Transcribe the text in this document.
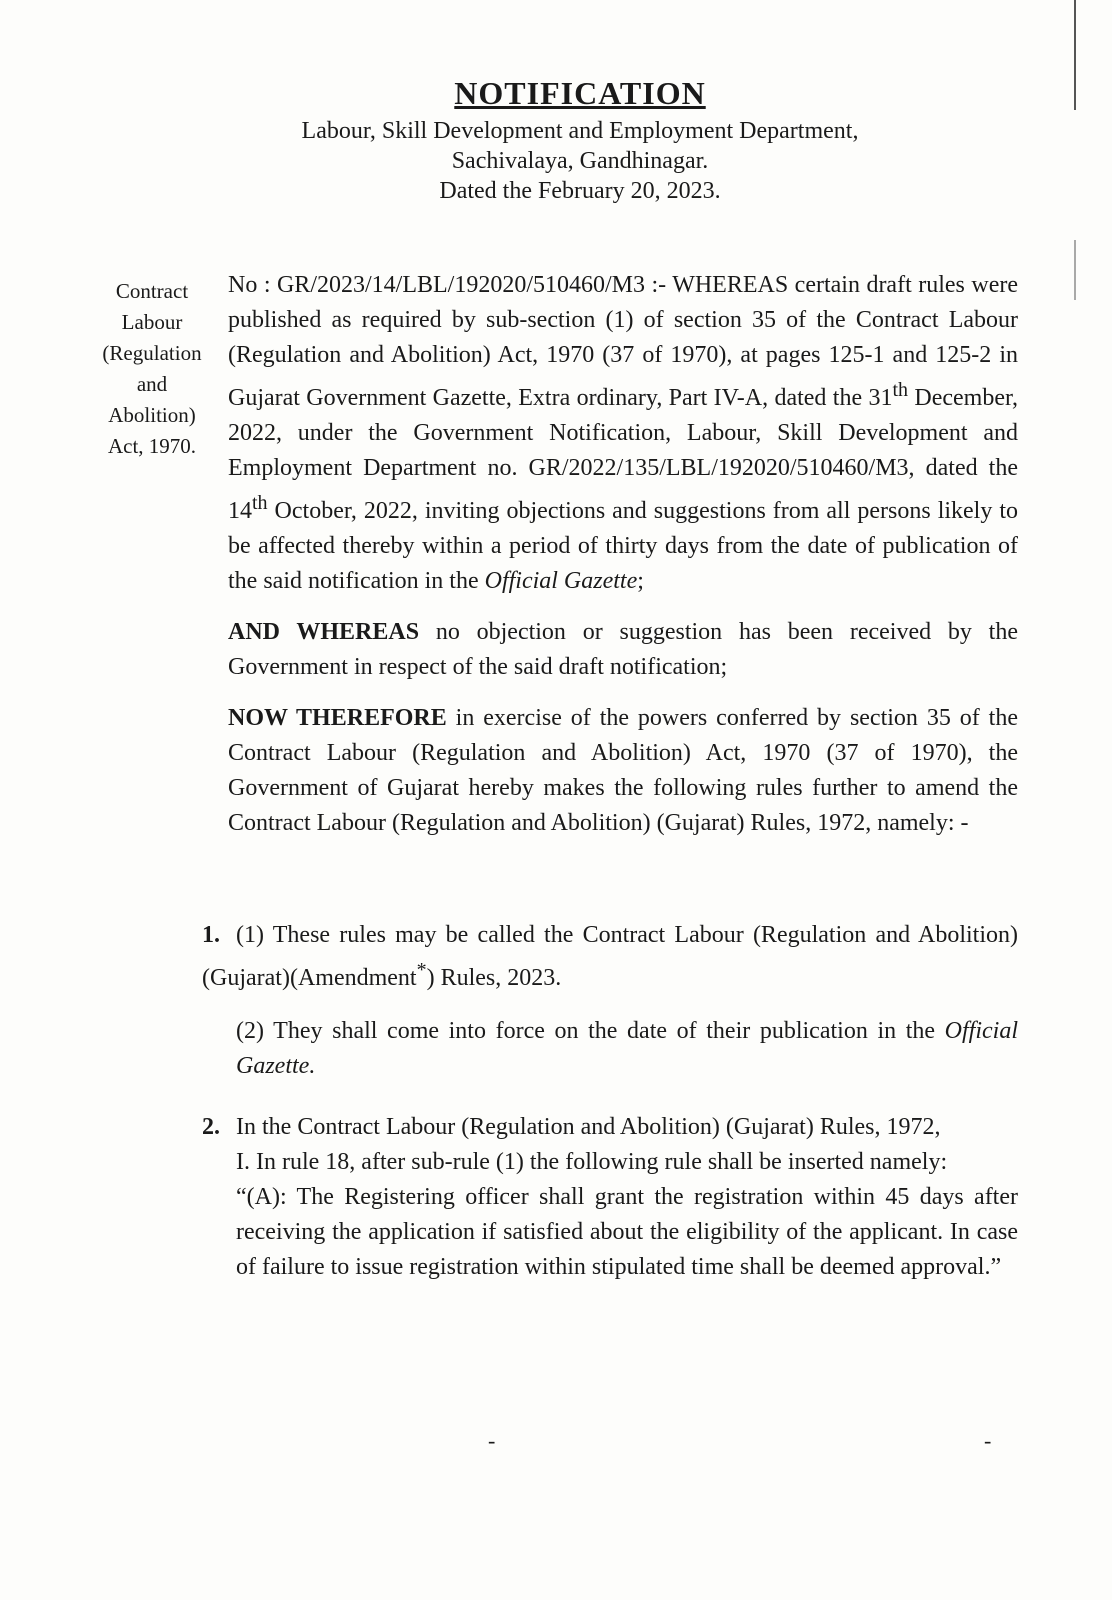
NOTIFICATION
Labour, Skill Development and Employment Department,
Sachivalaya, Gandhinagar.
Dated the February 20, 2023.
Contract
Labour
(Regulation
and
Abolition)
Act, 1970.

No : GR/2023/14/LBL/192020/510460/M3 :- WHEREAS certain draft rules were published as required by sub-section (1) of section 35 of the Contract Labour (Regulation and Abolition) Act, 1970 (37 of 1970), at pages 125-1 and 125-2 in Gujarat Government Gazette, Extra ordinary, Part IV-A, dated the 31th December, 2022, under the Government Notification, Labour, Skill Development and Employment Department no. GR/2022/135/LBL/192020/510460/M3, dated the 14th October, 2022, inviting objections and suggestions from all persons likely to be affected thereby within a period of thirty days from the date of publication of the said notification in the Official Gazette;

AND WHEREAS no objection or suggestion has been received by the Government in respect of the said draft notification;

NOW THEREFORE in exercise of the powers conferred by section 35 of the Contract Labour (Regulation and Abolition) Act, 1970 (37 of 1970), the Government of Gujarat hereby makes the following rules further to amend the Contract Labour (Regulation and Abolition) (Gujarat) Rules, 1972, namely: -

1. (1) These rules may be called the Contract Labour (Regulation and Abolition) (Gujarat)(Amendment*) Rules, 2023.

(2) They shall come into force on the date of their publication in the Official Gazette.

2. In the Contract Labour (Regulation and Abolition) (Gujarat) Rules, 1972,

I. In rule 18, after sub-rule (1) the following rule shall be inserted namely:

“(A): The Registering officer shall grant the registration within 45 days after receiving the application if satisfied about the eligibility of the applicant. In case of failure to issue registration within stipulated time shall be deemed approval.”

-	-
